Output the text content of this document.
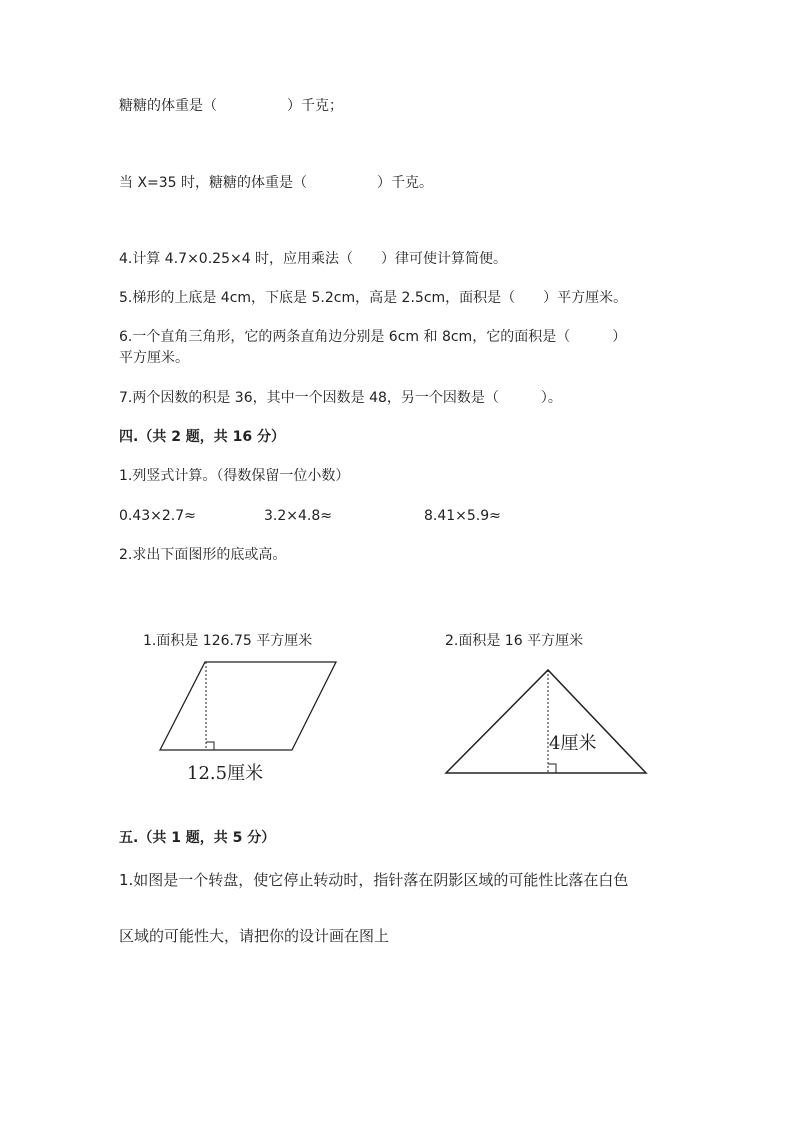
糖糖的体重是（　　　　　）千克；
当 X=35 时，糖糖的体重是（　　　　　）千克。
4.计算 4.7×0.25×4 时，应用乘法（　　）律可使计算简便。
5.梯形的上底是 4cm，下底是 5.2cm，高是 2.5cm，面积是（　　）平方厘米。
6.一个直角三角形，它的两条直角边分别是 6cm 和 8cm，它的面积是（　　　）
平方厘米。
7.两个因数的积是 36，其中一个因数是 48，另一个因数是（　　　）。
四.（共 2 题，共 16 分）
1.列竖式计算。（得数保留一位小数）
0.43×2.7≈	3.2×4.8≈	8.41×5.9≈
2.求出下面图形的底或高。
1.面积是 126.75 平方厘米
12.5厘米
2.面积是 16 平方厘米
4厘米
五.（共 1 题，共 5 分）
1.如图是一个转盘，使它停止转动时，指针落在阴影区域的可能性比落在白色
区域的可能性大，请把你的设计画在图上
